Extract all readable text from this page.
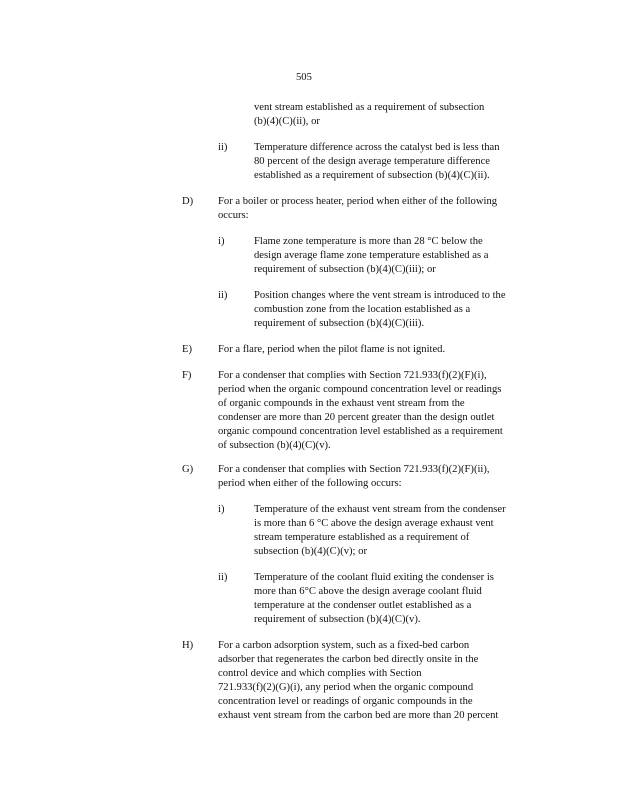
505
vent stream established as a requirement of subsection
(b)(4)(C)(ii), or
ii)	Temperature difference across the catalyst bed is less than
80 percent of the design average temperature difference
established as a requirement of subsection (b)(4)(C)(ii).
D) For a boiler or process heater, period when either of the following
occurs:
i)	Flame zone temperature is more than 28 °C below the
design average flame zone temperature established as a
requirement of subsection (b)(4)(C)(iii); or
ii)	Position changes where the vent stream is introduced to the
combustion zone from the location established as a
requirement of subsection (b)(4)(C)(iii).
E) For a flare, period when the pilot flame is not ignited.
F)	For a condenser that complies with Section 721.933(f)(2)(F)(i),
period when the organic compound concentration level or readings
of organic compounds in the exhaust vent stream from the
condenser are more than 20 percent greater than the design outlet
organic compound concentration level established as a requirement
of subsection (b)(4)(C)(v).
G) For a condenser that complies with Section 721.933(f)(2)(F)(ii),
period when either of the following occurs:
i)	Temperature of the exhaust vent stream from the condenser
is more than 6 °C above the design average exhaust vent
stream temperature established as a requirement of
subsection (b)(4)(C)(v); or
ii)	Temperature of the coolant fluid exiting the condenser is
more than 6°C above the design average coolant fluid
temperature at the condenser outlet established as a
requirement of subsection (b)(4)(C)(v).
H) For a carbon adsorption system, such as a fixed-bed carbon
adsorber that regenerates the carbon bed directly onsite in the
control device and which complies with Section
721.933(f)(2)(G)(i), any period when the organic compound
concentration level or readings of organic compounds in the
exhaust vent stream from the carbon bed are more than 20 percent
